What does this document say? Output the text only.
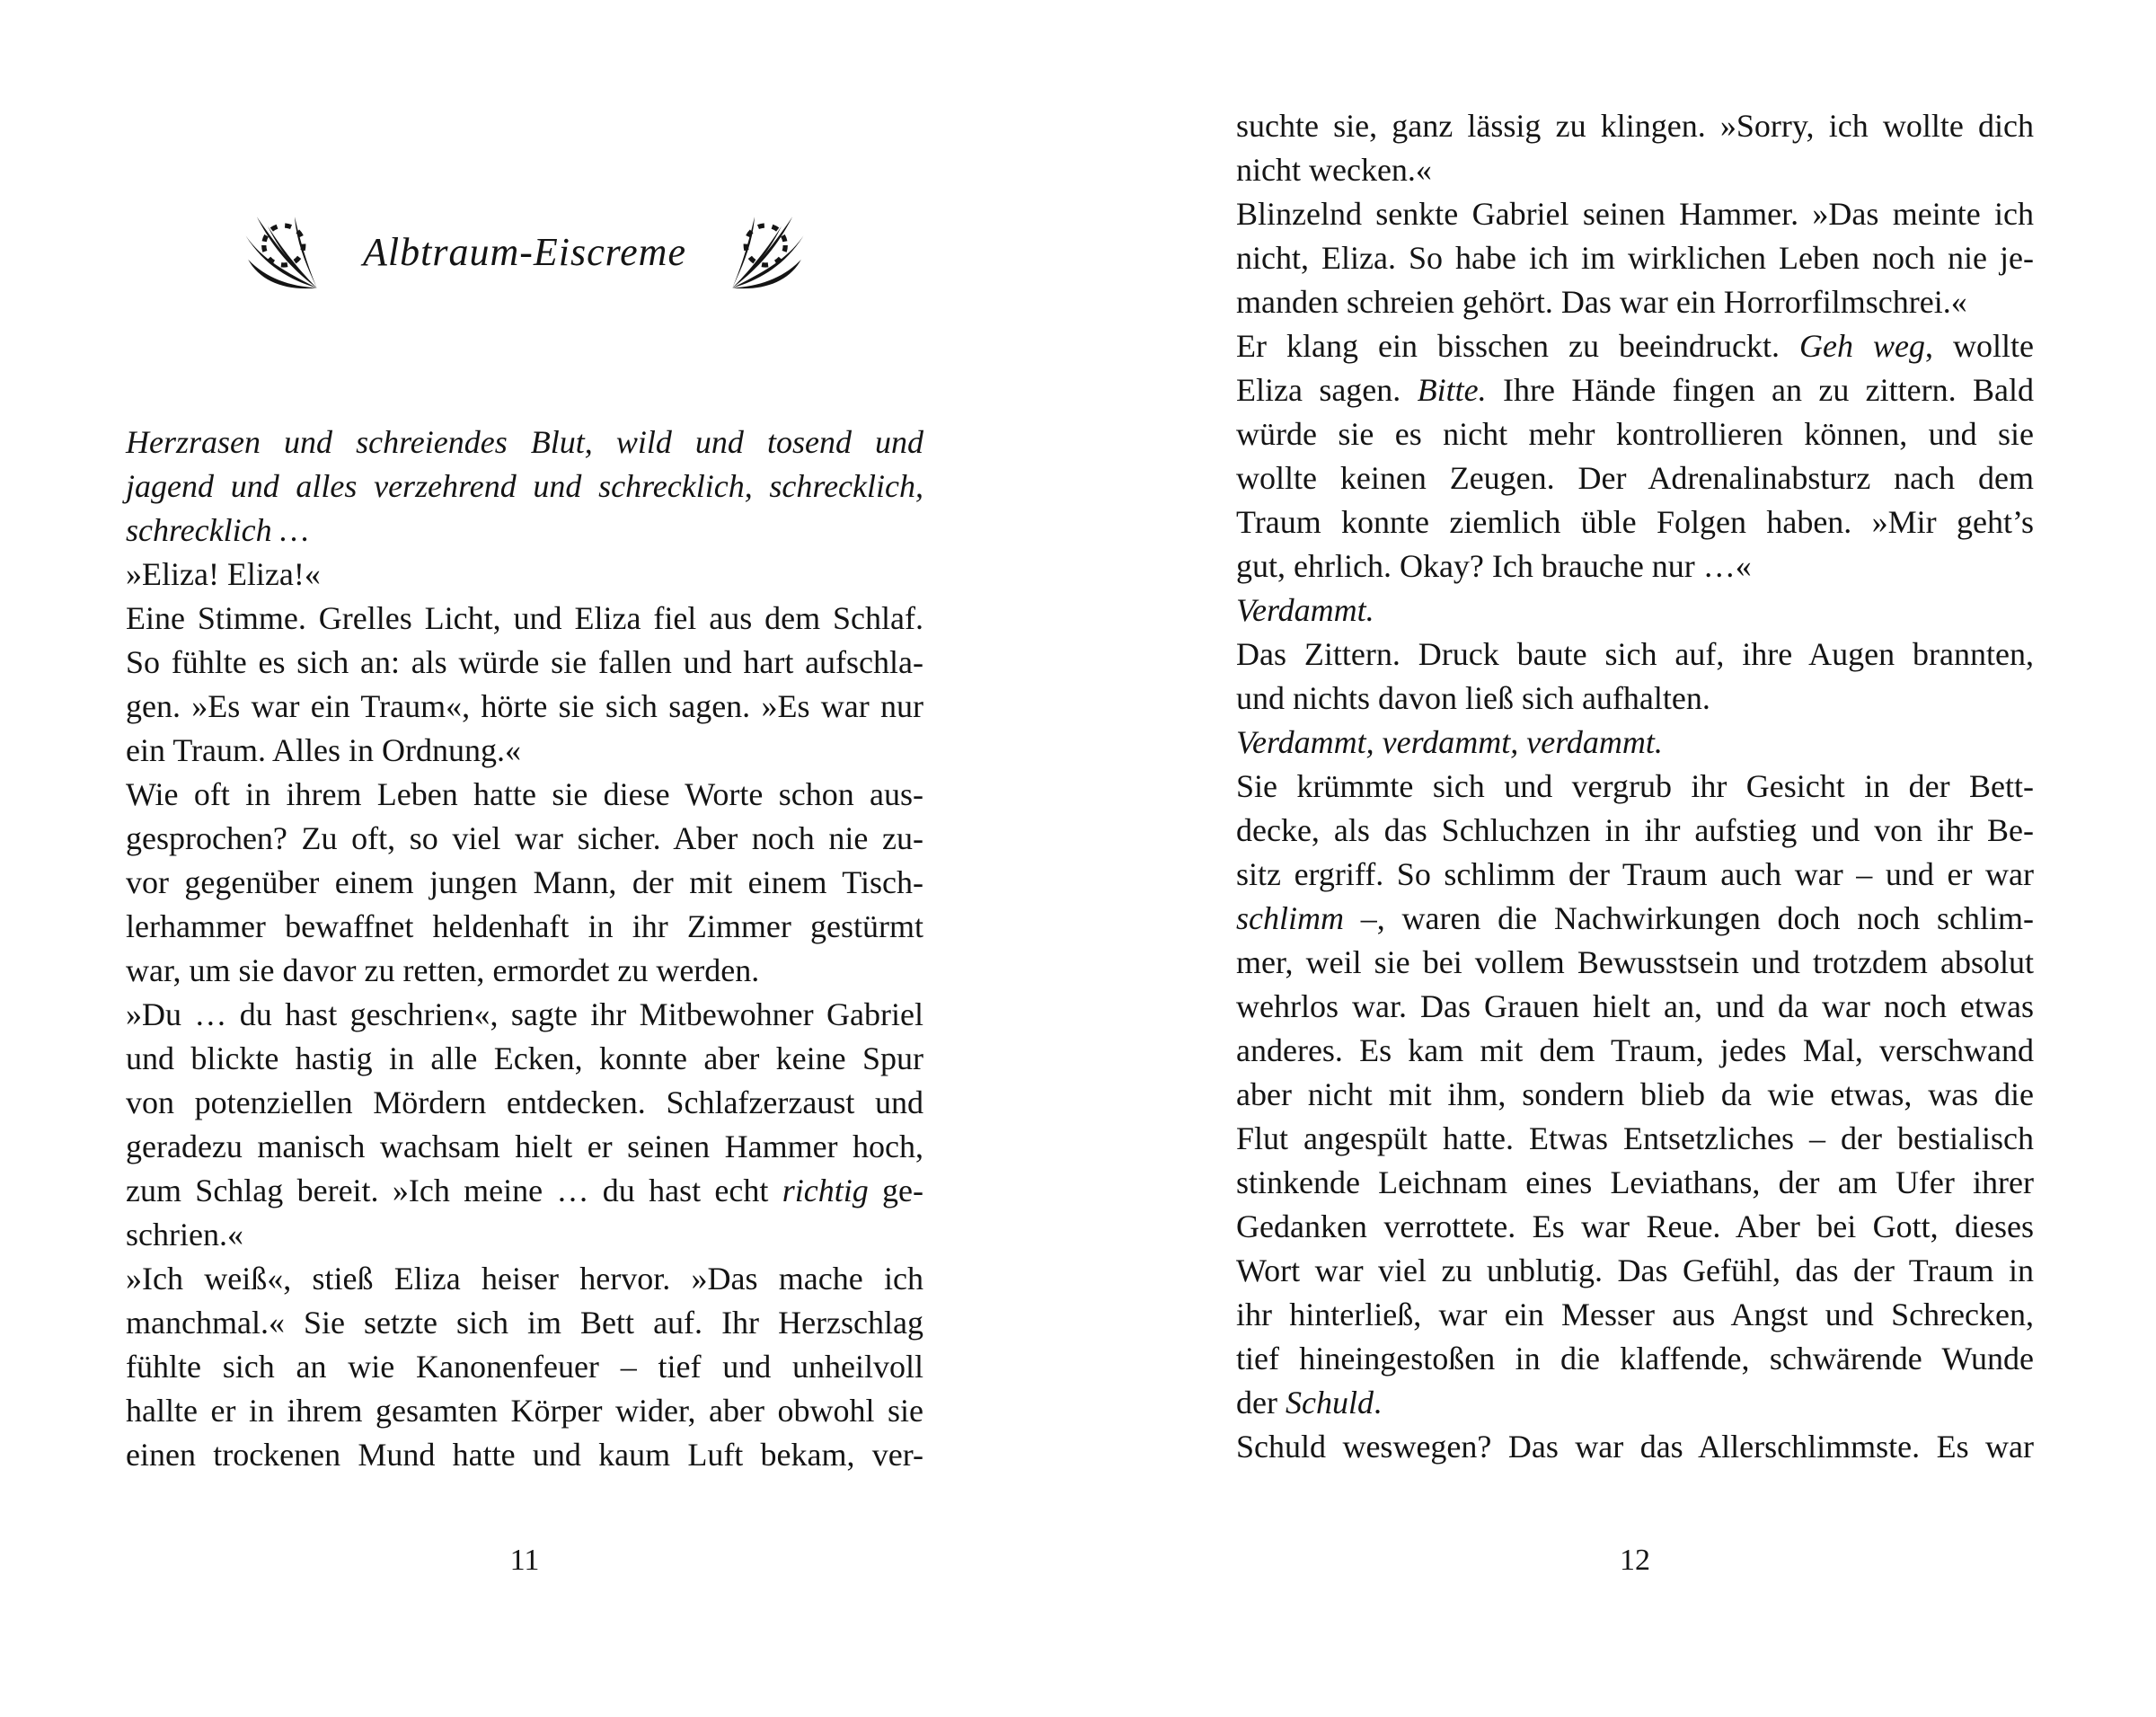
Albtraum-Eiscreme
Herzrasen und schreiendes Blut, wild und tosend und
jagend und alles verzehrend und schrecklich, schrecklich,
schrecklich …
»Eliza! Eliza!«
Eine Stimme. Grelles Licht, und Eliza fiel aus dem Schlaf.
So fühlte es sich an: als würde sie fallen und hart aufschla-
gen. »Es war ein Traum«, hörte sie sich sagen. »Es war nur
ein Traum. Alles in Ordnung.«
Wie oft in ihrem Leben hatte sie diese Worte schon aus-
gesprochen? Zu oft, so viel war sicher. Aber noch nie zu-
vor gegenüber einem jungen Mann, der mit einem Tisch-
lerhammer bewaffnet heldenhaft in ihr Zimmer gestürmt
war, um sie davor zu retten, ermordet zu werden.
»Du … du hast geschrien«, sagte ihr Mitbewohner Gabriel
und blickte hastig in alle Ecken, konnte aber keine Spur
von potenziellen Mördern entdecken. Schlafzerzaust und
geradezu manisch wachsam hielt er seinen Hammer hoch,
zum Schlag bereit. »Ich meine … du hast echt richtig ge-
schrien.«
»Ich weiß«, stieß Eliza heiser hervor. »Das mache ich
manchmal.« Sie setzte sich im Bett auf. Ihr Herzschlag
fühlte sich an wie Kanonenfeuer – tief und unheilvoll
hallte er in ihrem gesamten Körper wider, aber obwohl sie
einen trockenen Mund hatte und kaum Luft bekam, ver-
suchte sie, ganz lässig zu klingen. »Sorry, ich wollte dich
nicht wecken.«
Blinzelnd senkte Gabriel seinen Hammer. »Das meinte ich
nicht, Eliza. So habe ich im wirklichen Leben noch nie je-
manden schreien gehört. Das war ein Horrorfilmschrei.«
Er klang ein bisschen zu beeindruckt. Geh weg, wollte
Eliza sagen. Bitte. Ihre Hände fingen an zu zittern. Bald
würde sie es nicht mehr kontrollieren können, und sie
wollte keinen Zeugen. Der Adrenalinabsturz nach dem
Traum konnte ziemlich üble Folgen haben. »Mir geht’s
gut, ehrlich. Okay? Ich brauche nur …«
Verdammt.
Das Zittern. Druck baute sich auf, ihre Augen brannten,
und nichts davon ließ sich aufhalten.
Verdammt, verdammt, verdammt.
Sie krümmte sich und vergrub ihr Gesicht in der Bett-
decke, als das Schluchzen in ihr aufstieg und von ihr Be-
sitz ergriff. So schlimm der Traum auch war – und er war
schlimm –, waren die Nachwirkungen doch noch schlim-
mer, weil sie bei vollem Bewusstsein und trotzdem absolut
wehrlos war. Das Grauen hielt an, und da war noch etwas
anderes. Es kam mit dem Traum, jedes Mal, verschwand
aber nicht mit ihm, sondern blieb da wie etwas, was die
Flut angespült hatte. Etwas Entsetzliches – der bestialisch
stinkende Leichnam eines Leviathans, der am Ufer ihrer
Gedanken verrottete. Es war Reue. Aber bei Gott, dieses
Wort war viel zu unblutig. Das Gefühl, das der Traum in
ihr hinterließ, war ein Messer aus Angst und Schrecken,
tief hineingestoßen in die klaffende, schwärende Wunde
der Schuld.
Schuld weswegen? Das war das Allerschlimmste. Es war
11	12
